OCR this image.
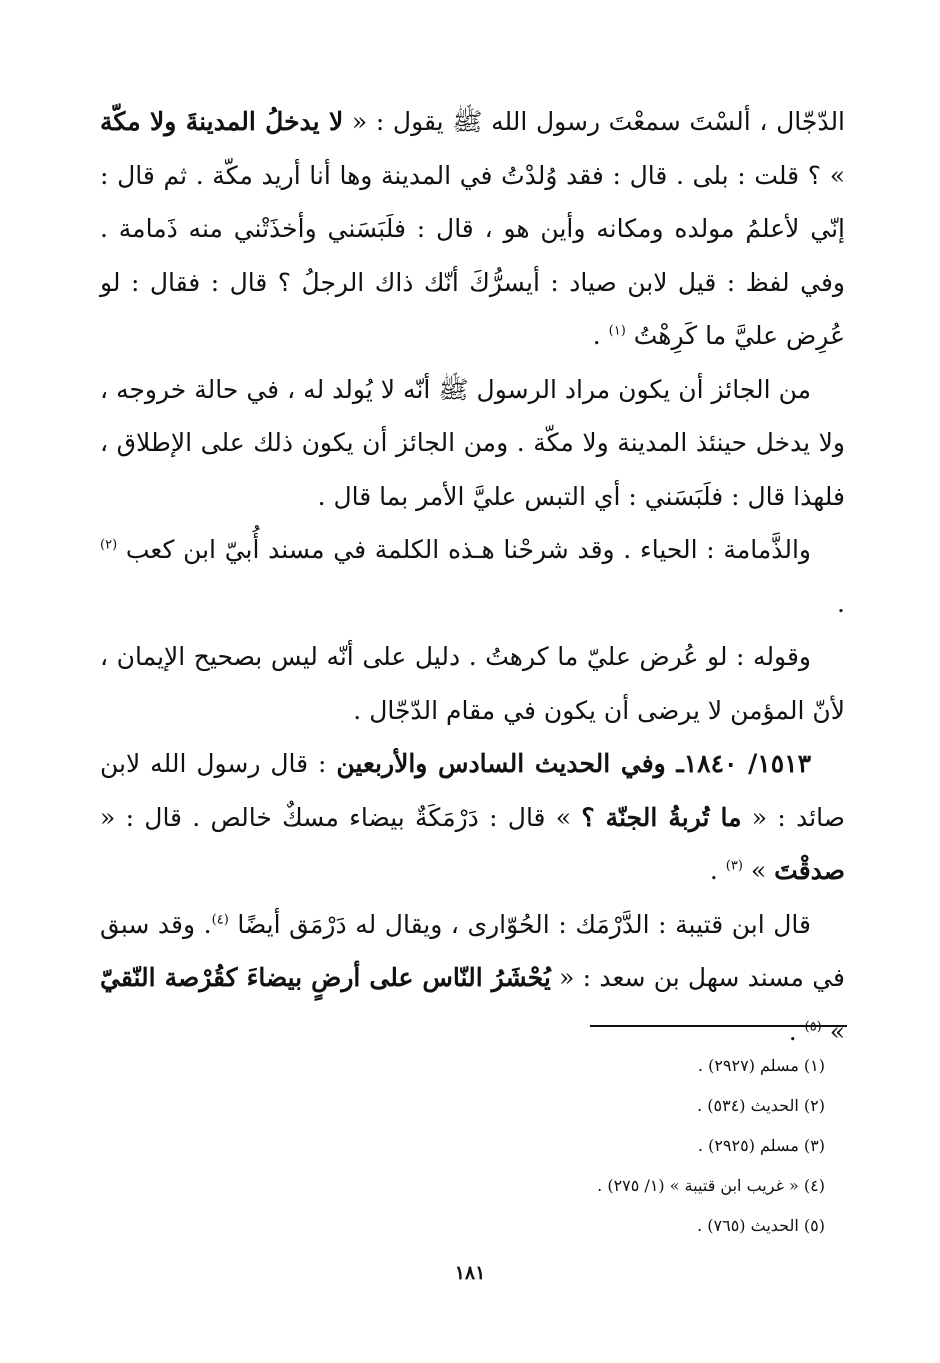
الدّجّال ، ألسْتَ سمعْتَ رسول الله ﷺ يقول : « لا يدخلُ المدينةَ ولا مكّة » ؟ قلت : بلى . قال : فقد وُلدْتُ في المدينة وها أنا أريد مكّة . ثم قال : إنّي لأعلمُ مولده ومكانه وأين هو ، قال : فلَبَسَني وأخذَتْني منه ذَمامة . وفي لفظ : قيل لابن صياد : أيسرُّكَ أنّك ذاك الرجلُ ؟ قال : فقال : لو عُرِض عليَّ ما كَرِهْتُ $^{(١)}$ .

من الجائز أن يكون مراد الرسول ﷺ أنّه لا يُولد له ، في حالة خروجه ، ولا يدخل حينئذ المدينة ولا مكّة . ومن الجائز أن يكون ذلك على الإطلاق ، فلهذا قال : فلَبَسَني : أي التبس عليَّ الأمر بما قال .

والذَّمامة : الحياء . وقد شرحْنا هـذه الكلمة في مسند أُبيّ ابن كعب $^{(٢)}$ .

وقوله : لو عُرض عليّ ما كرهتُ . دليل على أنّه ليس بصحيح الإيمان ، لأنّ المؤمن لا يرضى أن يكون في مقام الدّجّال .

١٥١٣/ ١٨٤٠ـ وفي الحديث السادس والأربعين : قال رسول الله لابن صائد : « ما تُربةُ الجنّة ؟ » قال : دَرْمَكَةٌ بيضاء مسكٌ خالص . قال : « صدقْتَ » $^{(٣)}$ .

قال ابن قتيبة : الدَّرْمَك : الحُوّارى ، ويقال له دَرْمَق أيضًا $^{(٤)}$. وقد سبق في مسند سهل بن سعد : « يُحْشَرُ النّاس على أرضٍ بيضاءَ كقُرْصة النّقيّ » $^{(٥)}$ .

(١) مسلم (٢٩٢٧) .
(٢) الحديث (٥٣٤) .
(٣) مسلم (٢٩٢٥) .
(٤) « غريب ابن قتيبة » (١/ ٢٧٥) .
(٥) الحديث (٧٦٥) .
١٨١
